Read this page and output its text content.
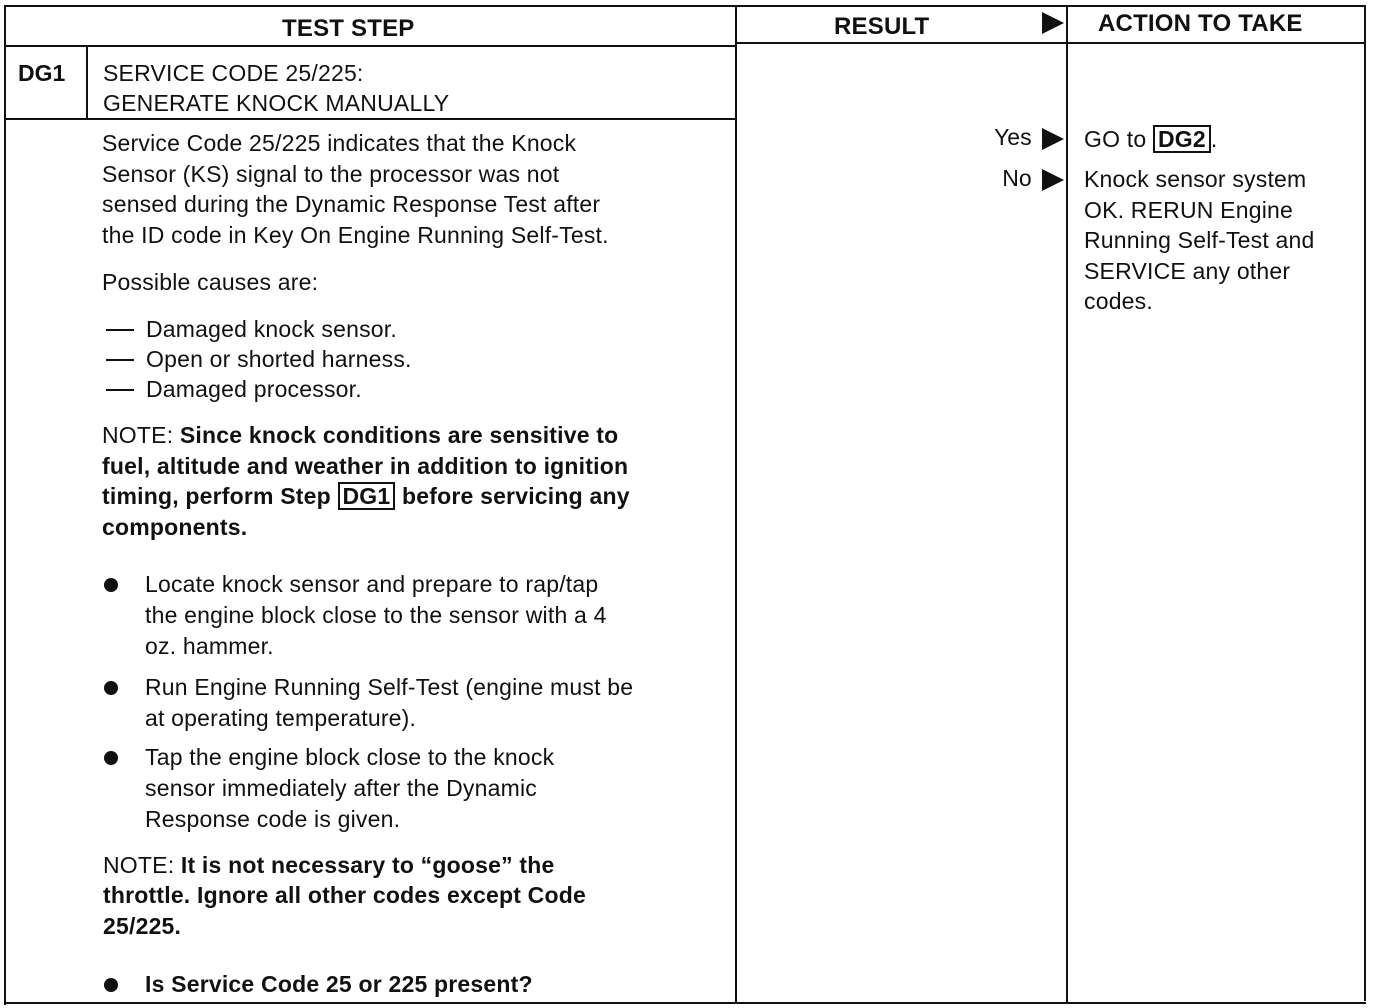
TEST STEP	RESULT	ACTION TO TAKE
DG1 SERVICE CODE 25/225:
GENERATE KNOCK MANUALLY
Service Code 25/225 indicates that the Knock
Sensor (KS) signal to the processor was not
sensed during the Dynamic Response Test after
the ID code in Key On Engine Running Self-Test.
Possible causes are:
Damaged knock sensor.
Open or shorted harness.
Damaged processor.
NOTE: Since knock conditions are sensitive to
fuel, altitude and weather in addition to ignition
timing, perform Step DG1 before servicing any
components.
Locate knock sensor and prepare to rap/tap
the engine block close to the sensor with a 4
oz. hammer.
Run Engine Running Self-Test (engine must be
at operating temperature).
Tap the engine block close to the knock
sensor immediately after the Dynamic
Response code is given.
NOTE: It is not necessary to “goose” the
throttle. Ignore all other codes except Code
25/225.
Is Service Code 25 or 225 present?
Yes
No
GO to DG2 .
Knock sensor system
OK. RERUN Engine
Running Self-Test and
SERVICE any other
codes.
